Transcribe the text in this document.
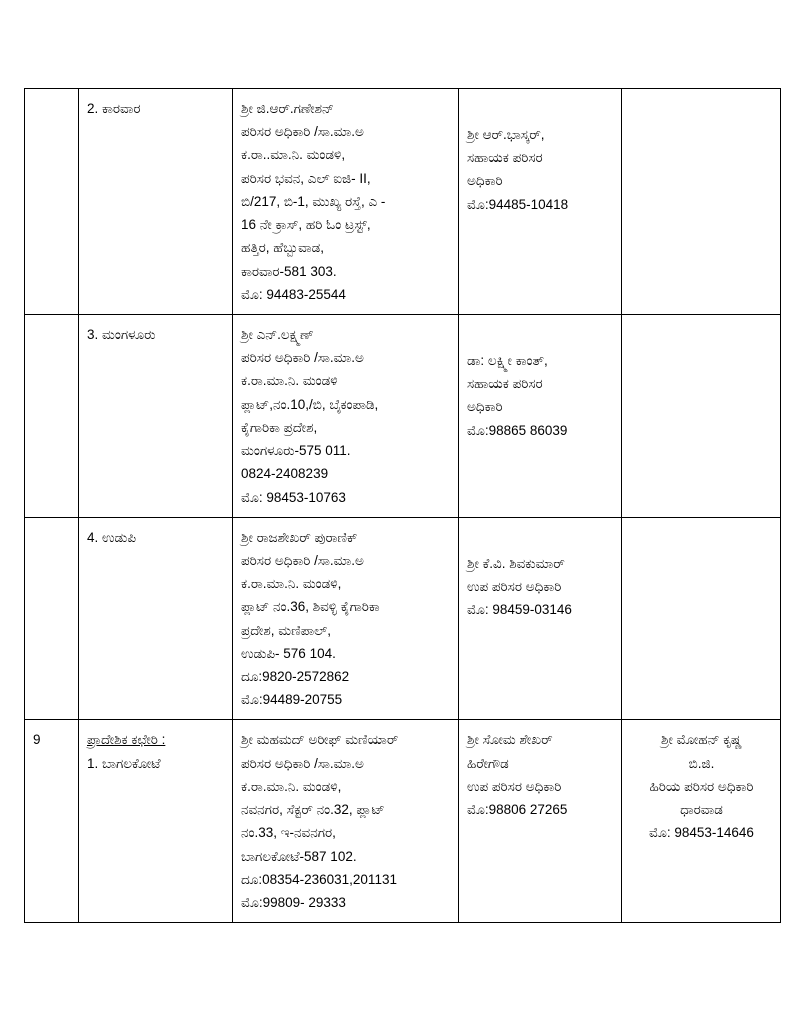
2. ಕಾರವಾರ	ಶ್ರೀ ಜಿ.ಆರ್.ಗಣೇಶನ್
ಪರಿಸರ ಅಧಿಕಾರಿ /ಸಾ.ಮಾ.ಅ
ಕ.ರಾ..ಮಾ.ನಿ. ಮಂಡಳಿ,
ಪರಿಸರ ಭವನ, ಎಲ್ ಐಜಿ- II,
ಬಿ/217, ಬಿ-1, ಮುಖ್ಯ ರಸ್ತೆ, ಎ -
16 ನೇ ಕ್ರಾಸ್, ಹರಿ ಓಂ ಟ್ರಸ್ಟ್,
ಹತ್ತಿರ, ಹೆಬ್ಬುವಾಡ,
ಕಾರವಾರ-581 303.
ಮೊ: 94483-25544

ಶ್ರೀ ಆರ್.ಭಾಸ್ಕರ್,
ಸಹಾಯಕ ಪರಿಸರ
ಅಧಿಕಾರಿ
ಮೊ:94485-10418

3. ಮಂಗಳೂರು	ಶ್ರೀ ಎನ್.ಲಕ್ಷ್ಮಣ್
ಪರಿಸರ ಅಧಿಕಾರಿ /ಸಾ.ಮಾ.ಅ
ಕ.ರಾ.ಮಾ.ನಿ. ಮಂಡಳಿ
ಪ್ಲಾಟ್,ನಂ.10,/ಬಿ, ಬೈಕಂಪಾಡಿ,
ಕೈಗಾರಿಕಾ ಪ್ರದೇಶ,
ಮಂಗಳೂರು-575 011.
0824-2408239
ಮೊ: 98453-10763

ಡಾ: ಲಕ್ಷ್ಮೀ ಕಾಂತ್,
ಸಹಾಯಕ ಪರಿಸರ
ಅಧಿಕಾರಿ
ಮೊ:98865 86039

4. ಉಡುಪಿ	ಶ್ರೀ ರಾಜಶೇಖರ್ ಪುರಾಣಿಕ್
ಪರಿಸರ ಅಧಿಕಾರಿ /ಸಾ.ಮಾ.ಅ
ಕ.ರಾ.ಮಾ.ನಿ. ಮಂಡಳಿ,
ಪ್ಲಾಟ್ ನಂ.36, ಶಿವಳ್ಳಿ ಕೈಗಾರಿಕಾ
ಪ್ರದೇಶ, ಮಣಿಪಾಲ್,
ಉಡುಪಿ- 576 104.
ದೂ:9820-2572862
ಮೊ:94489-20755

ಶ್ರೀ ಕೆ.ವಿ. ಶಿವಕುಮಾರ್
ಉಪ ಪರಿಸರ ಅಧಿಕಾರಿ
ಮೊ: 98459-03146

9	ಪ್ರಾದೇಶಿಕ ಕಛೇರಿ :
1. ಬಾಗಲಕೋಟೆ

ಶ್ರೀ ಮಹಮದ್ ಅರೀಫ್ ಮಣಿಯಾರ್
ಪರಿಸರ ಅಧಿಕಾರಿ /ಸಾ.ಮಾ.ಅ
ಕ.ರಾ.ಮಾ.ನಿ. ಮಂಡಳಿ,
ನವನಗರ, ಸೆಕ್ಟರ್ ನಂ.32, ಪ್ಲಾಟ್
ನಂ.33, ಇ-ನವನಗರ,
ಬಾಗಲಕೋಟೆ-587 102.
ದೂ:08354-236031,201131
ಮೊ:99809- 29333

ಶ್ರೀ ಸೋಮ ಶೇಖರ್
ಹಿರೇಗೌಡ
ಉಪ ಪರಿಸರ ಅಧಿಕಾರಿ
ಮೊ:98806 27265

ಶ್ರೀ ಮೋಹನ್ ಕೃಷ್ಣ
ಬಿ.ಜಿ.
ಹಿರಿಯ ಪರಿಸರ ಅಧಿಕಾರಿ
ಧಾರವಾಡ
ಮೊ: 98453-14646
